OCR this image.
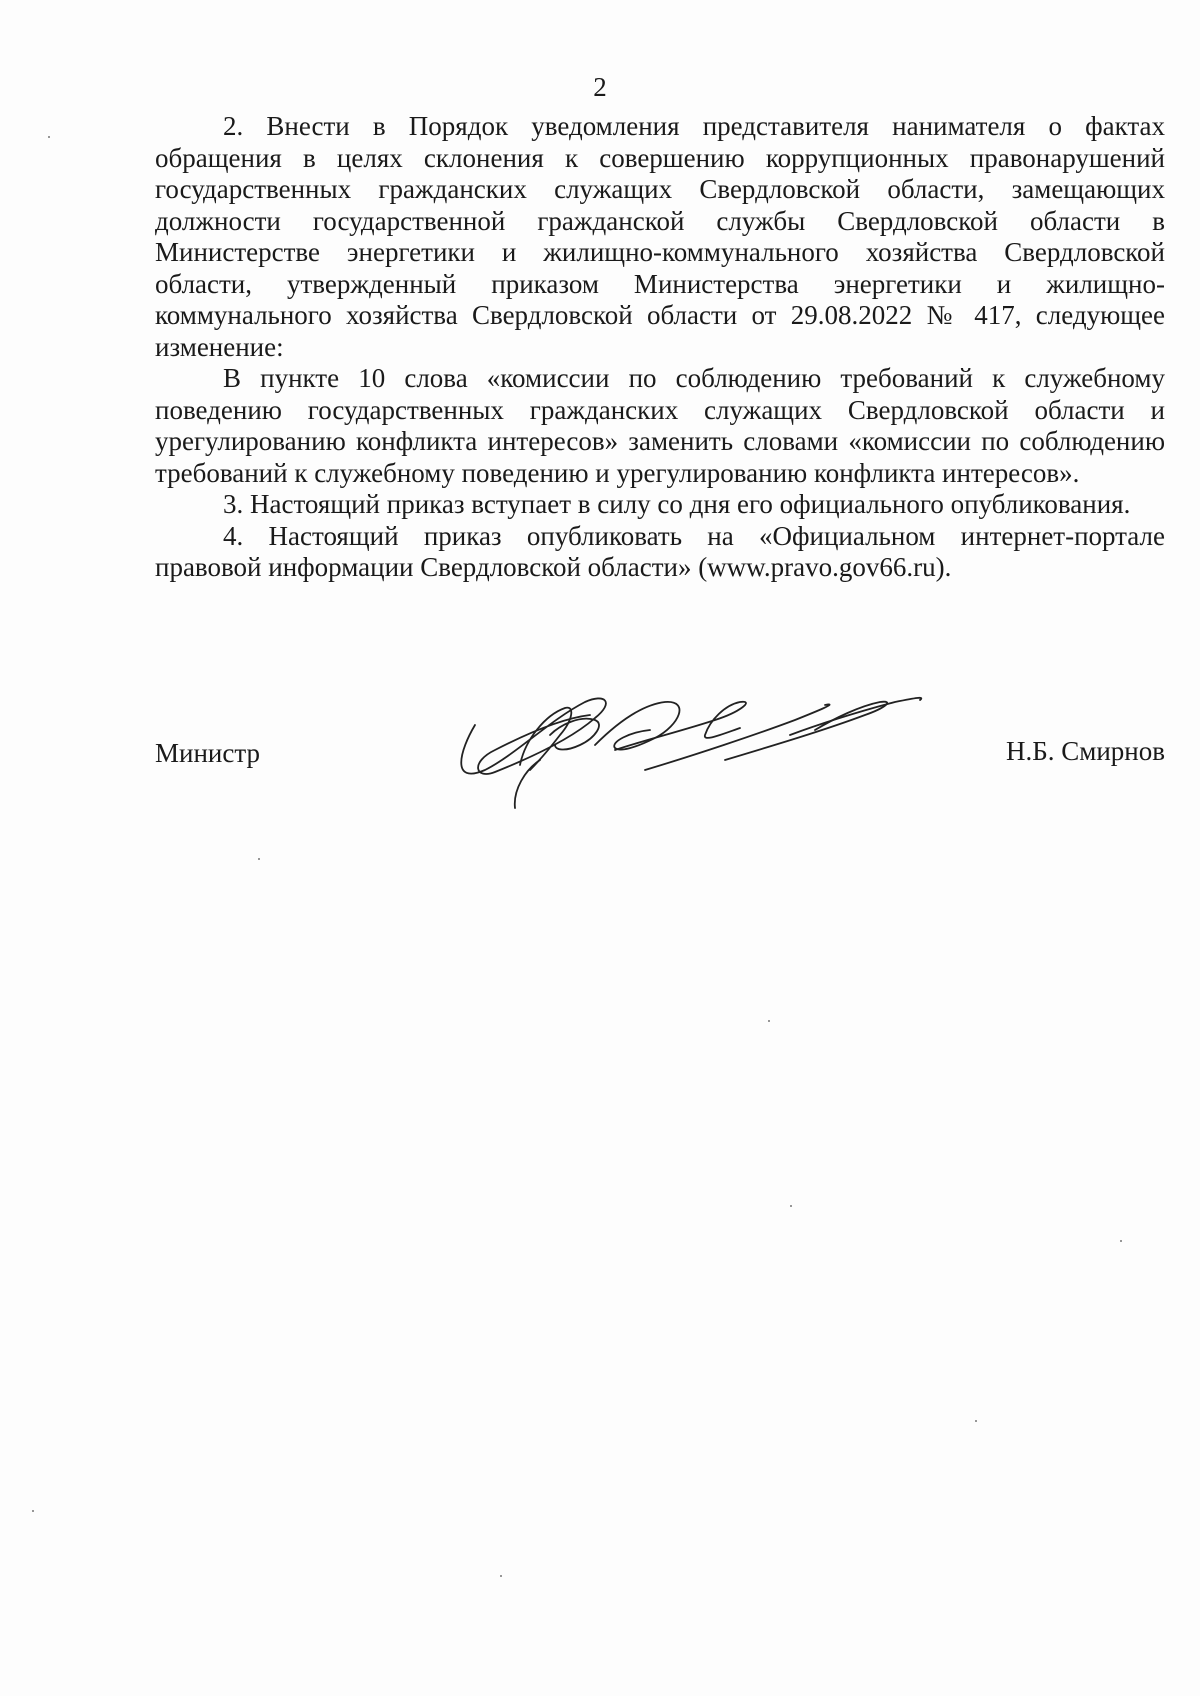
2

2. Внести в Порядок уведомления представителя нанимателя о фактах обращения в целях склонения к совершению коррупционных правонарушений государственных гражданских служащих Свердловской области, замещающих должности государственной гражданской службы Свердловской области в Министерстве энергетики и жилищно-коммунального хозяйства Свердловской области, утвержденный приказом Министерства энергетики и жилищно-коммунального хозяйства Свердловской области от 29.08.2022 № 417, следующее изменение:

В пункте 10 слова «комиссии по соблюдению требований к служебному поведению государственных гражданских служащих Свердловской области и урегулированию конфликта интересов» заменить словами «комиссии по соблюдению требований к служебному поведению и урегулированию конфликта интересов».

3. Настоящий приказ вступает в силу со дня его официального опубликования.

4. Настоящий приказ опубликовать на «Официальном интернет-портале правовой информации Свердловской области» (www.pravo.gov66.ru).

Министр	Н.Б. Смирнов
